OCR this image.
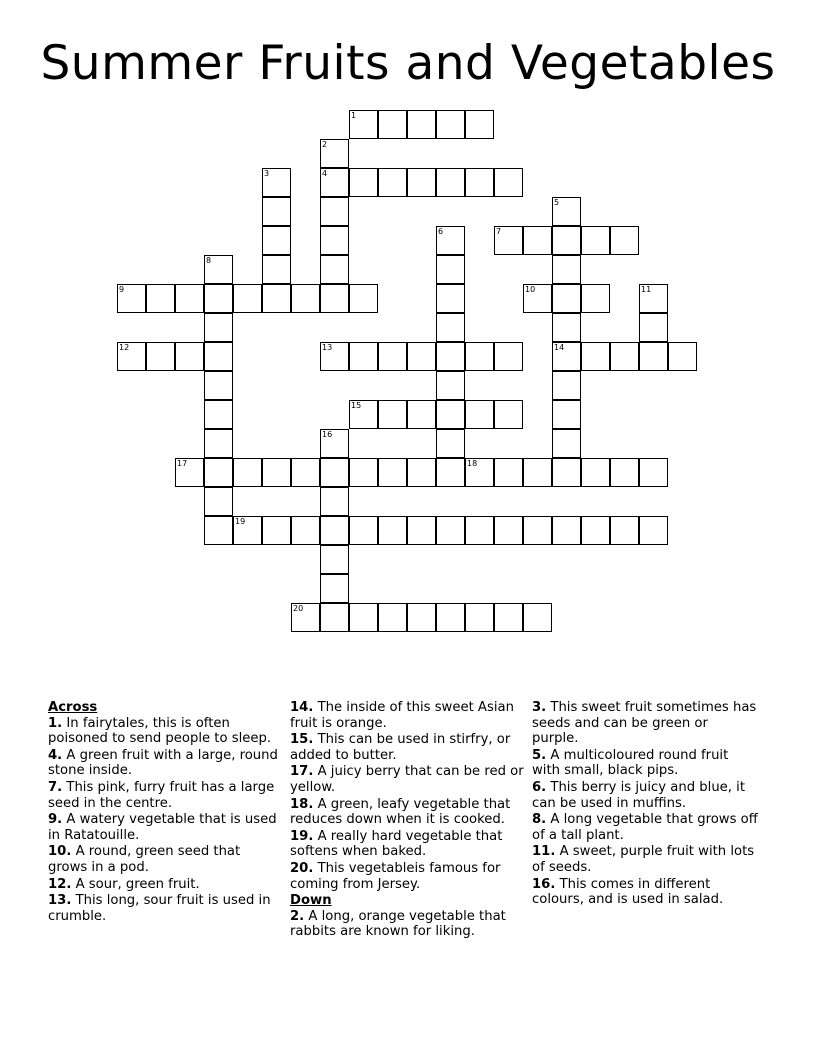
Summer Fruits and Vegetables
1
2
4
3
5
14
6	7
8
9	10	11
12	13
15
16
17	18
19
20
Across
1. In fairytales, this is often poisoned to send people to sleep.
4. A green fruit with a large, round stone inside.
7. This pink, furry fruit has a large seed in the centre.
9. A watery vegetable that is used in Ratatouille.
10. A round, green seed that grows in a pod.
12. A sour, green fruit.
13. This long, sour fruit is used in crumble.
14. The inside of this sweet Asian fruit is orange.
15. This can be used in stirfry, or added to butter.
17. A juicy berry that can be red or yellow.
18. A green, leafy vegetable that reduces down when it is cooked.
19. A really hard vegetable that softens when baked.
20. This vegetableis famous for coming from Jersey.
Down
2. A long, orange vegetable that rabbits are known for liking.
3. This sweet fruit sometimes has seeds and can be green or purple.
5. A multicoloured round fruit with small, black pips.
6. This berry is juicy and blue, it can be used in muffins.
8. A long vegetable that grows off of a tall plant.
11. A sweet, purple fruit with lots of seeds.
16. This comes in different colours, and is used in salad.
